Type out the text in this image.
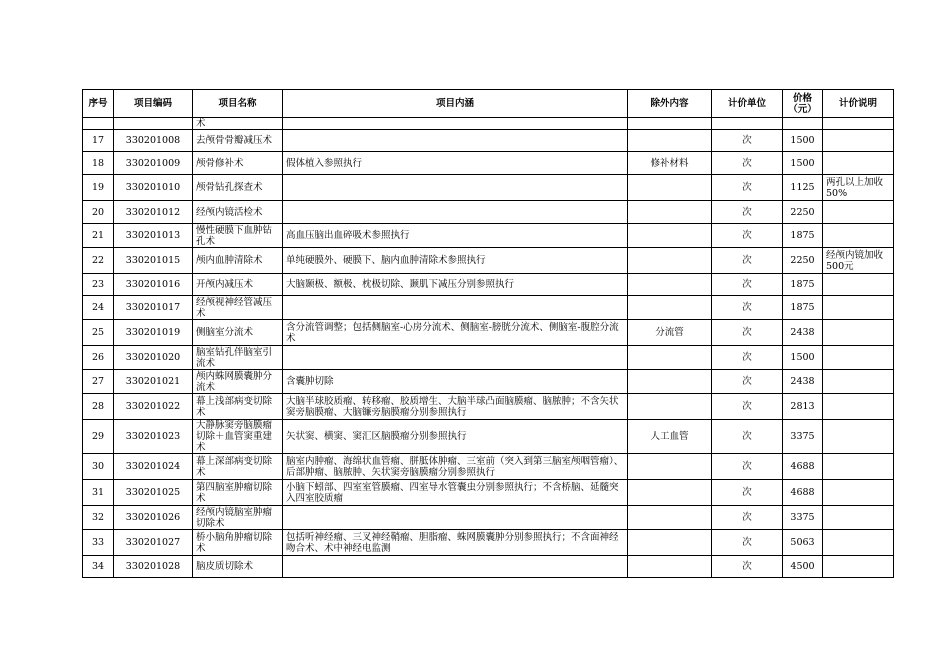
序号	项目编码	项目名称	项目内涵	除外内容	计价单位	价格（元）	计价说明
		术					
17	330201008	去颅骨骨瓣减压术			次	1500	
18	330201009	颅骨修补术	假体植入参照执行	修补材料	次	1500	
19	330201010	颅骨钻孔探查术			次	1125	两孔以上加收50%
20	330201012	经颅内镜活检术			次	2250	
21	330201013	慢性硬膜下血肿钻孔术	高血压脑出血碎吸术参照执行		次	1875	
22	330201015	颅内血肿清除术	单纯硬膜外、硬膜下、脑内血肿清除术参照执行		次	2250	经颅内镜加收500元
23	330201016	开颅内减压术	大脑颞极、额极、枕极切除、颞肌下减压分别参照执行		次	1875	
24	330201017	经颅视神经管减压术			次	1875	
25	330201019	侧脑室分流术	含分流管调整；包括侧脑室-心房分流术、侧脑室-膀胱分流术、侧脑室-腹腔分流术	分流管	次	2438	
26	330201020	脑室钻孔伴脑室引流术			次	1500	
27	330201021	颅内蛛网膜囊肿分流术	含囊肿切除		次	2438	
28	330201022	幕上浅部病变切除术	大脑半球胶质瘤、转移瘤、胶质增生、大脑半球凸面脑膜瘤、脑脓肿；不含矢状窦旁脑膜瘤、大脑镰旁脑膜瘤分别参照执行		次	2813	
29	330201023	大静脉窦旁脑膜瘤切除＋血管窦重建术	矢状窦、横窦、窦汇区脑膜瘤分别参照执行	人工血管	次	3375	
30	330201024	幕上深部病变切除术	脑室内肿瘤、海绵状血管瘤、胼胝体肿瘤、三室前（突入到第三脑室颅咽管瘤）、后部肿瘤、脑脓肿、矢状窦旁脑膜瘤分别参照执行		次	4688	
31	330201025	第四脑室肿瘤切除术	小脑下蚓部、四室室管膜瘤、四室导水管囊虫分别参照执行；不含桥脑、延髓突入四室胶质瘤		次	4688	
32	330201026	经颅内镜脑室肿瘤切除术			次	3375	
33	330201027	桥小脑角肿瘤切除术	包括听神经瘤、三叉神经鞘瘤、胆脂瘤、蛛网膜囊肿分别参照执行；不含面神经吻合术、术中神经电监测		次	5063	
34	330201028	脑皮质切除术			次	4500	
